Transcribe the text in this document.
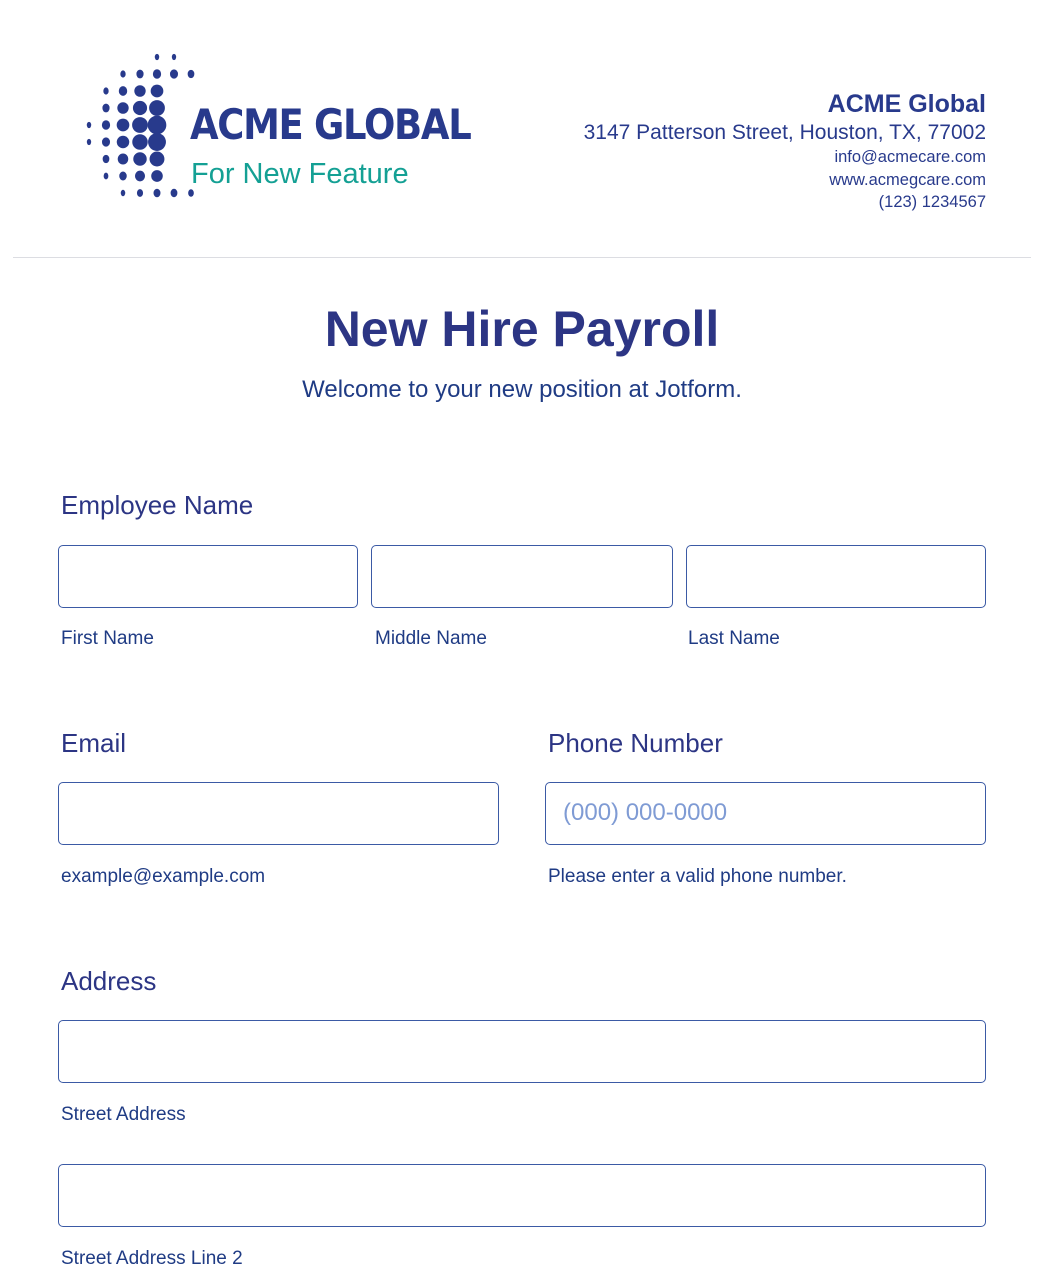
ACME GLOBAL
For New Feature
ACME Global
3147 Patterson Street, Houston, TX, 77002
info@acmecare.com
www.acmegcare.com
(123) 1234567
New Hire Payroll
Welcome to your new position at Jotform.
Employee Name
First Name	Middle Name	Last Name
Email
example@example.com
Phone Number
(000) 000-0000
Please enter a valid phone number.
Address
Street Address
Street Address Line 2
